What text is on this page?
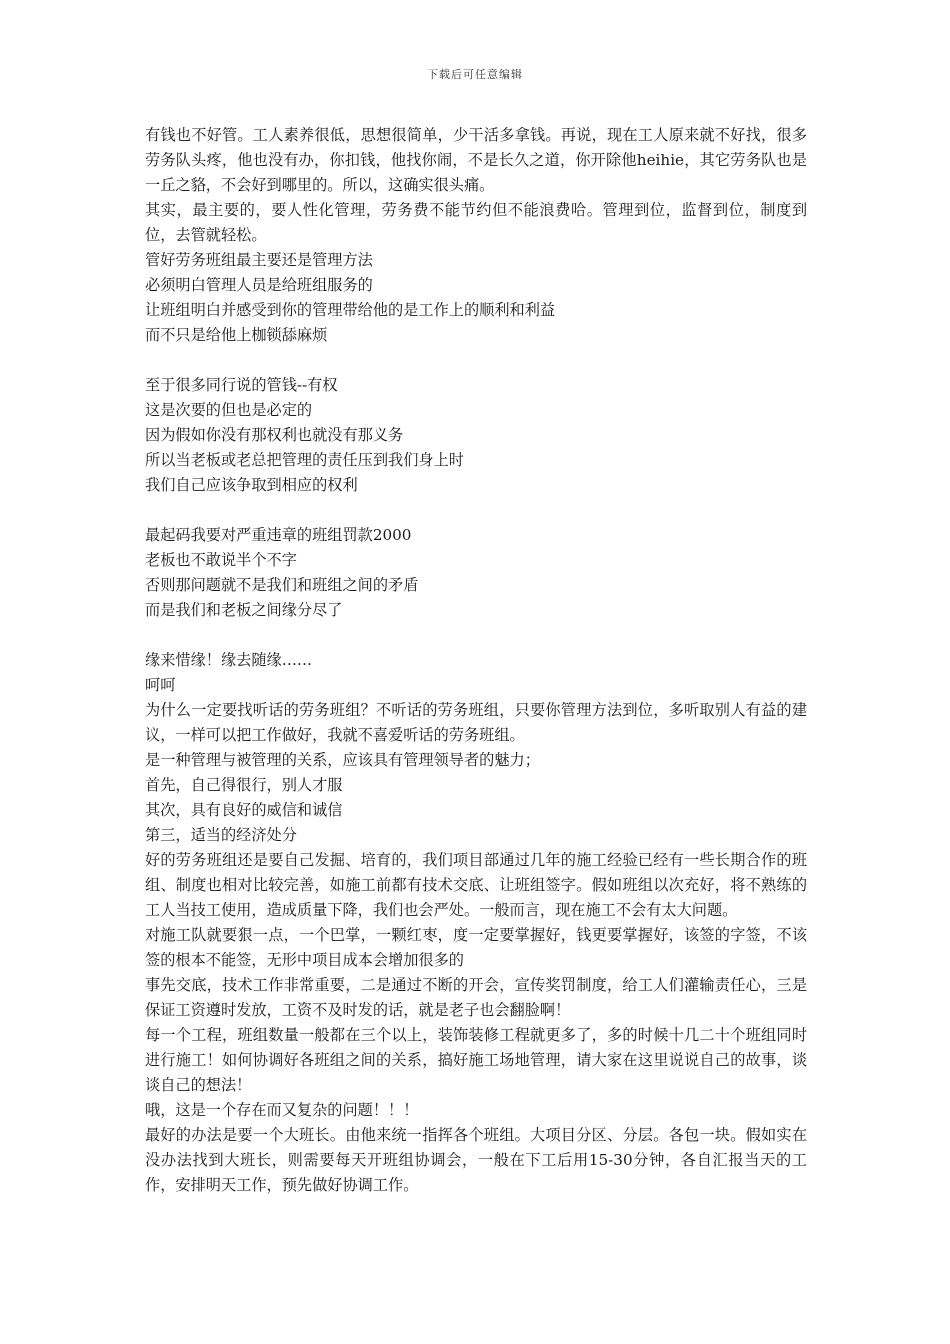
下载后可任意编辑

有钱也不好管。工人素养很低，思想很简单，少干活多拿钱。再说，现在工人原来就不好找，很多劳务队头疼，他也没有办，你扣钱，他找你闹，不是长久之道，你开除他heihie，其它劳务队也是一丘之貉，不会好到哪里的。所以，这确实很头痛。

其实，最主要的，要人性化管理，劳务费不能节约但不能浪费哈。管理到位，监督到位，制度到位，去管就轻松。

管好劳务班组最主要还是管理方法

必须明白管理人员是给班组服务的

让班组明白并感受到你的管理带给他的是工作上的顺利和利益

而不只是给他上枷锁舔麻烦

至于很多同行说的管钱--有权

这是次要的但也是必定的

因为假如你没有那权利也就没有那义务

所以当老板或老总把管理的责任压到我们身上时

我们自己应该争取到相应的权利

最起码我要对严重违章的班组罚款2000

老板也不敢说半个不字

否则那问题就不是我们和班组之间的矛盾

而是我们和老板之间缘分尽了

缘来惜缘！缘去随缘……

呵呵

为什么一定要找听话的劳务班组？不听话的劳务班组，只要你管理方法到位，多听取别人有益的建议，一样可以把工作做好，我就不喜爱听话的劳务班组。

是一种管理与被管理的关系，应该具有管理领导者的魅力；

首先，自己得很行，别人才服

其次，具有良好的威信和诚信

第三，适当的经济处分

好的劳务班组还是要自己发掘、培育的，我们项目部通过几年的施工经验已经有一些长期合作的班组、制度也相对比较完善，如施工前都有技术交底、让班组签字。假如班组以次充好，将不熟练的工人当技工使用，造成质量下降，我们也会严处。一般而言，现在施工不会有太大问题。

对施工队就要狠一点，一个巴掌，一颗红枣，度一定要掌握好，钱更要掌握好，该签的字签，不该签的根本不能签，无形中项目成本会增加很多的

事先交底，技术工作非常重要，二是通过不断的开会，宣传奖罚制度，给工人们灌输责任心，三是保证工资遵时发放，工资不及时发的话，就是老子也会翻脸啊！

每一个工程，班组数量一般都在三个以上，装饰装修工程就更多了，多的时候十几二十个班组同时进行施工！如何协调好各班组之间的关系，搞好施工场地管理，请大家在这里说说自己的故事，谈谈自己的想法！

哦，这是一个存在而又复杂的问题！！！

最好的办法是要一个大班长。由他来统一指挥各个班组。大项目分区、分层。各包一块。假如实在没办法找到大班长，则需要每天开班组协调会，一般在下工后用15-30分钟，各自汇报当天的工作，安排明天工作，预先做好协调工作。
